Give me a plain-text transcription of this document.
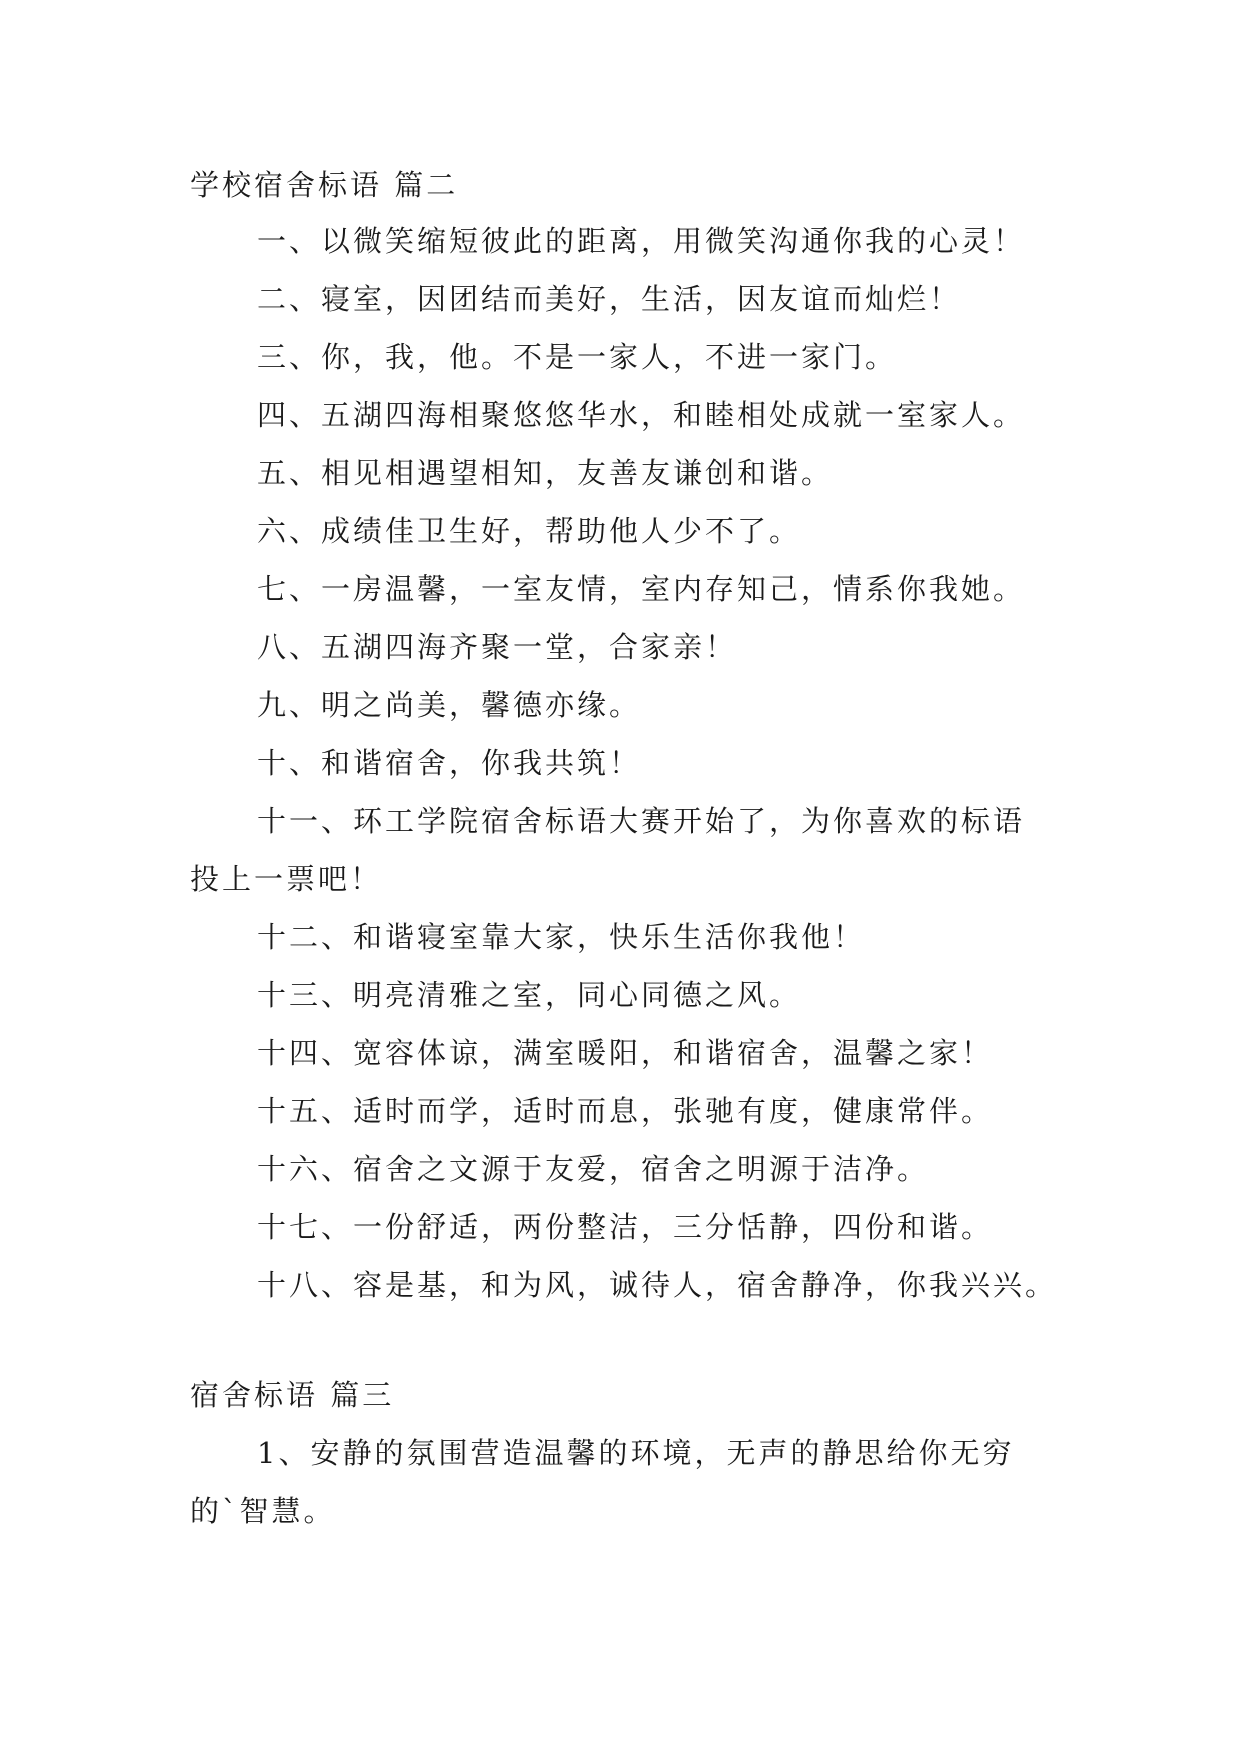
学校宿舍标语 篇二
一、以微笑缩短彼此的距离，用微笑沟通你我的心灵！
二、寝室，因团结而美好，生活，因友谊而灿烂！
三、你，我，他。不是一家人，不进一家门。
四、五湖四海相聚悠悠华水，和睦相处成就一室家人。
五、相见相遇望相知，友善友谦创和谐。
六、成绩佳卫生好，帮助他人少不了。
七、一房温馨，一室友情，室内存知己，情系你我她。
八、五湖四海齐聚一堂，合家亲！
九、明之尚美，馨德亦缘。
十、和谐宿舍，你我共筑！
十一、环工学院宿舍标语大赛开始了，为你喜欢的标语
投上一票吧！
十二、和谐寝室靠大家，快乐生活你我他！
十三、明亮清雅之室，同心同德之风。
十四、宽容体谅，满室暖阳，和谐宿舍，温馨之家！
十五、适时而学，适时而息，张驰有度，健康常伴。
十六、宿舍之文源于友爱，宿舍之明源于洁净。
十七、一份舒适，两份整洁，三分恬静，四份和谐。
十八、容是基，和为风，诚待人，宿舍静净，你我兴兴。
宿舍标语 篇三
1、安静的氛围营造温馨的环境，无声的静思给你无穷
的`智慧。
